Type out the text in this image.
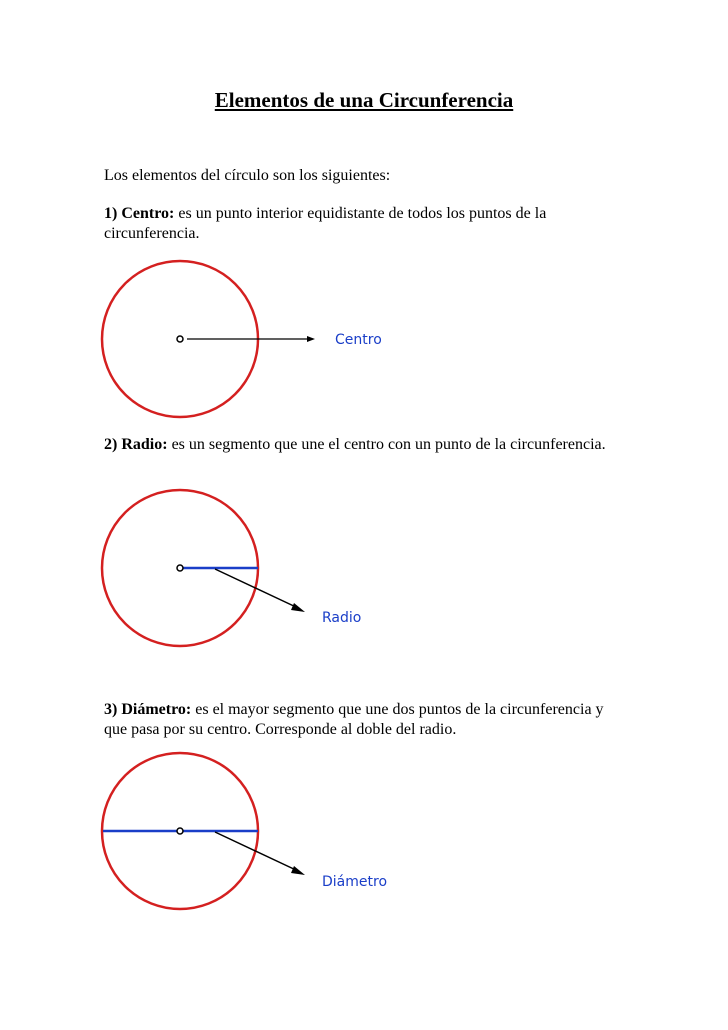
Elementos de una Circunferencia

Los elementos del círculo son los siguientes:

1) Centro: es un punto interior equidistante de todos los puntos de la circunferencia.

Centro

2) Radio: es un segmento que une el centro con un punto de la circunferencia.

Radio

3) Diámetro: es el mayor segmento que une dos puntos de la circunferencia y que pasa por su centro. Corresponde al doble del radio.

Diámetro
